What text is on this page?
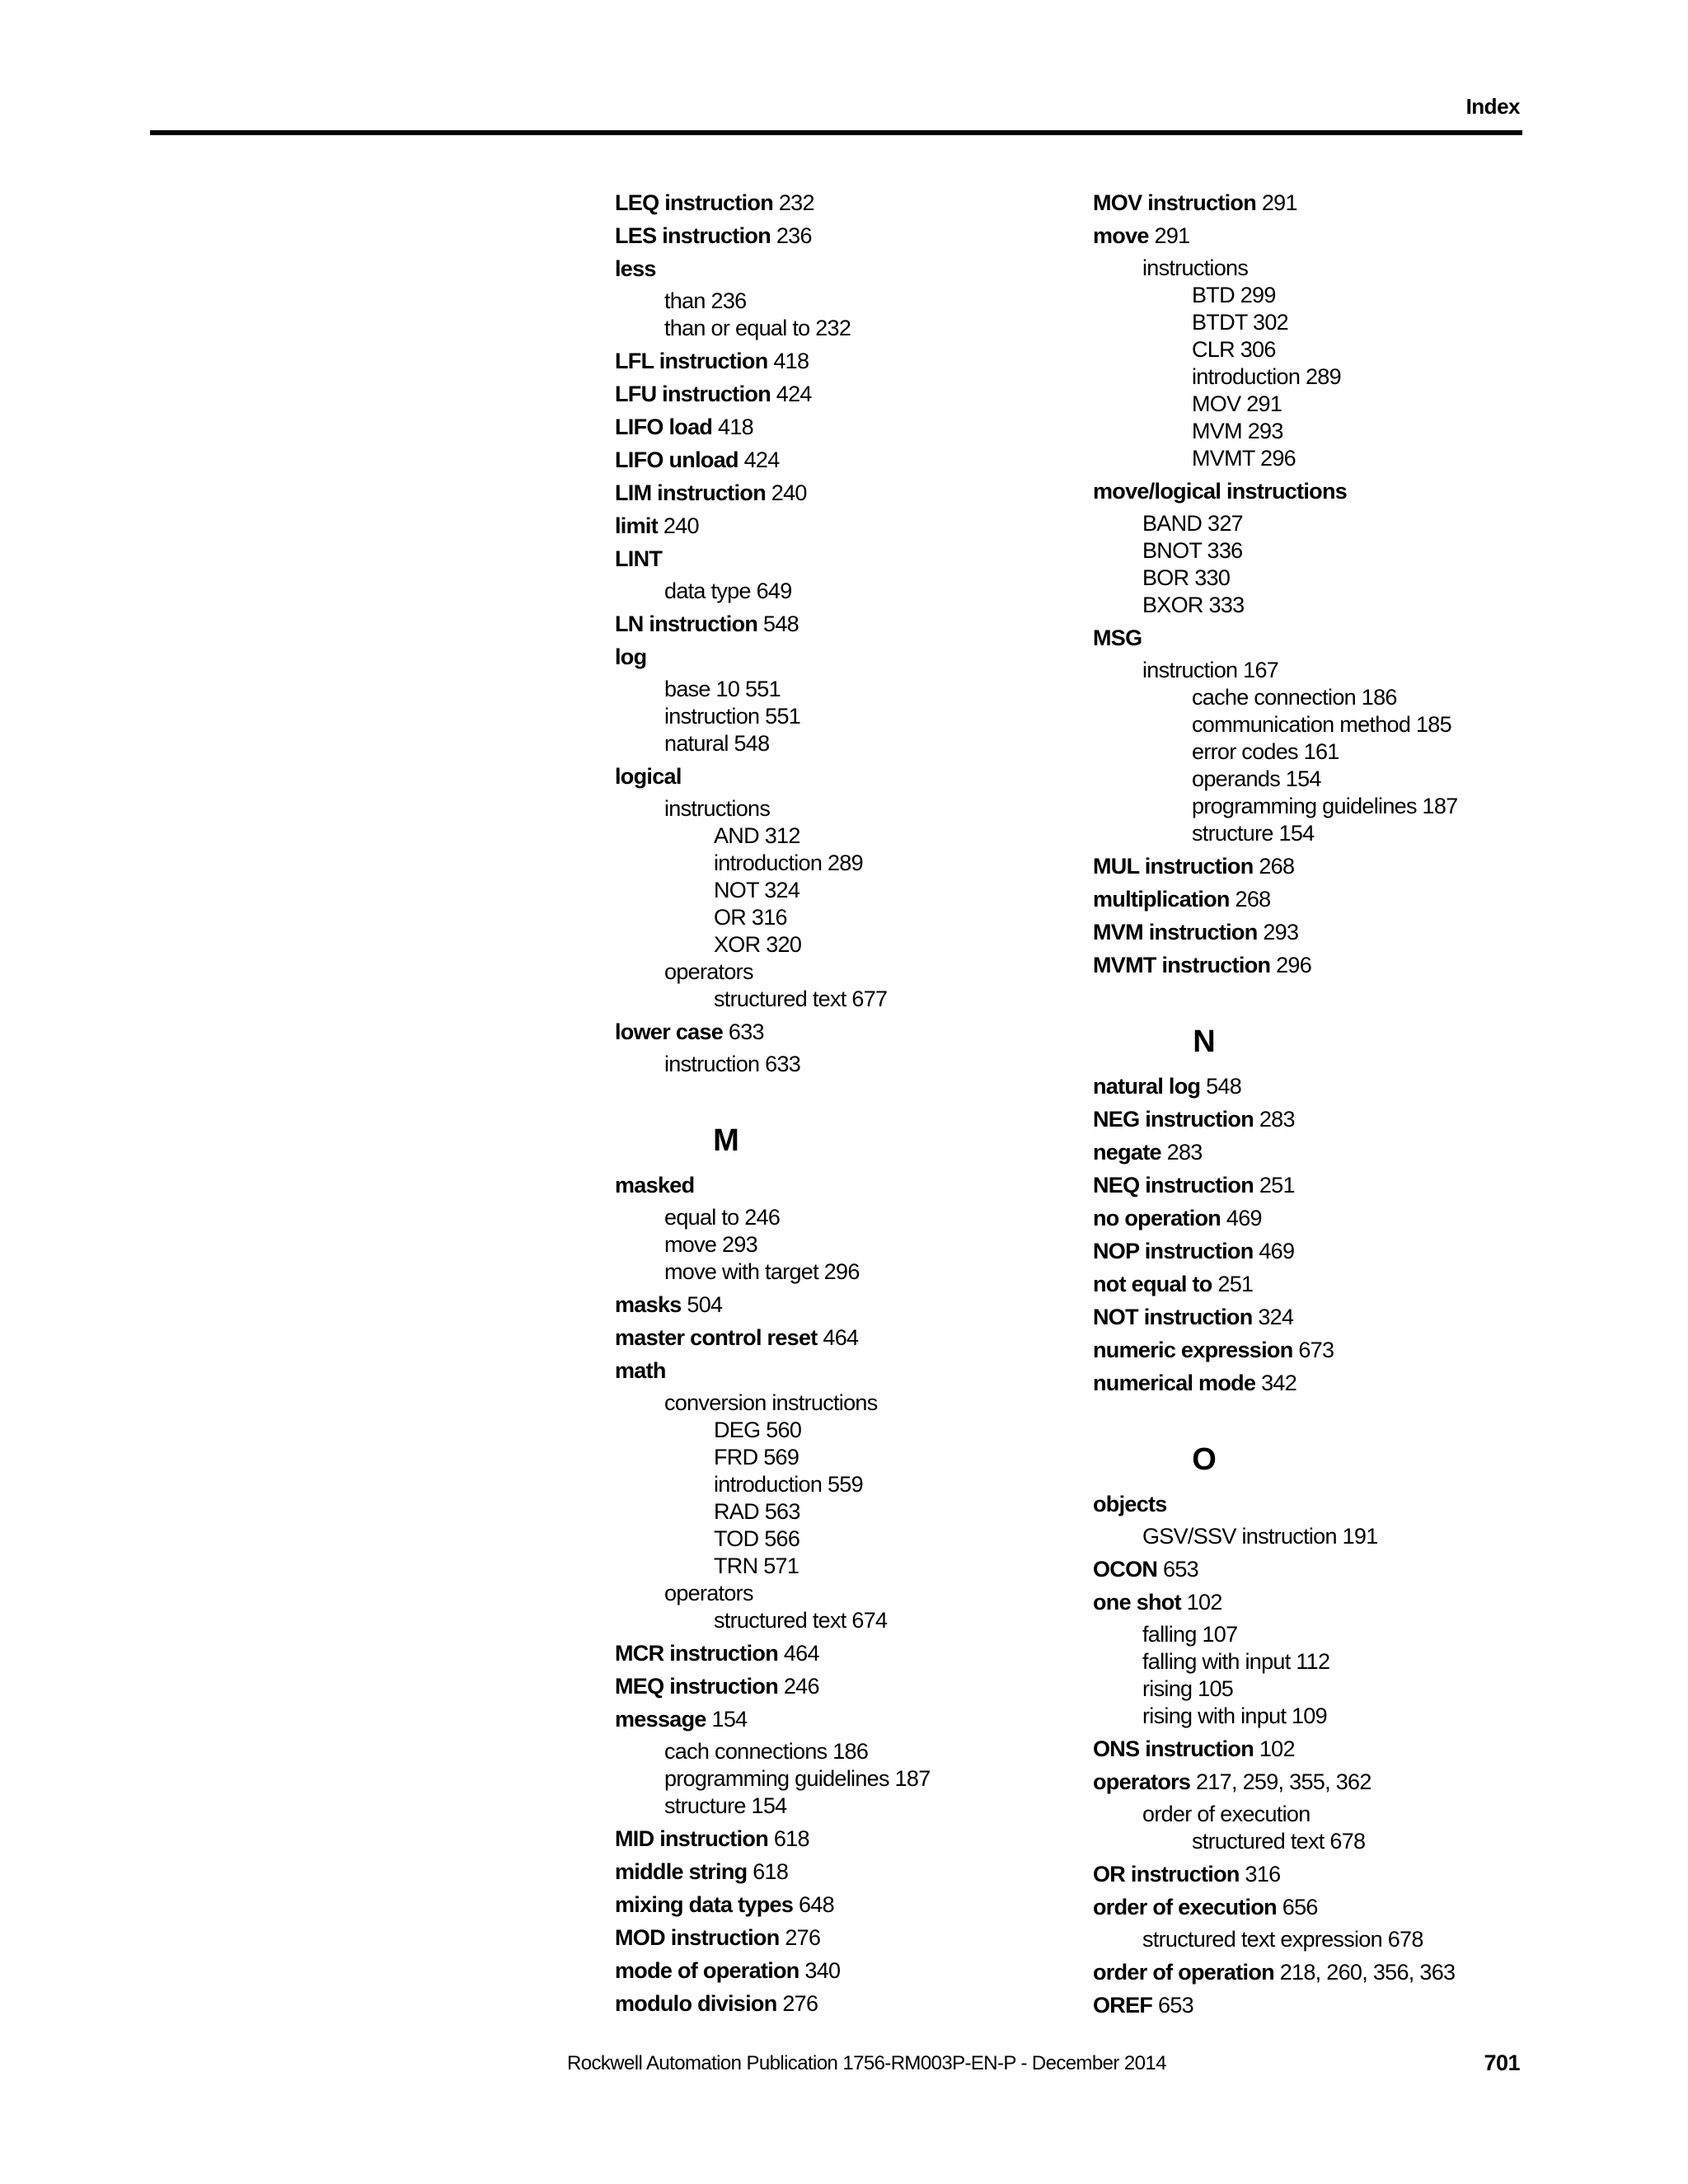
Index
LEQ instruction 232
LES instruction 236
less
than 236
than or equal to 232
LFL instruction 418
LFU instruction 424
LIFO load 418
LIFO unload 424
LIM instruction 240
limit 240
LINT
data type 649
LN instruction 548
log
base 10 551
instruction 551
natural 548
logical
instructions
AND 312
introduction 289
NOT 324
OR 316
XOR 320
operators
structured text 677
lower case 633
instruction 633
M
masked
equal to 246
move 293
move with target 296
masks 504
master control reset 464
math
conversion instructions
DEG 560
FRD 569
introduction 559
RAD 563
TOD 566
TRN 571
operators
structured text 674
MCR instruction 464
MEQ instruction 246
message 154
cach connections 186
programming guidelines 187
structure 154
MID instruction 618
middle string 618
mixing data types 648
MOD instruction 276
mode of operation 340
modulo division 276
MOV instruction 291
move 291
instructions
BTD 299
BTDT 302
CLR 306
introduction 289
MOV 291
MVM 293
MVMT 296
move/logical instructions
BAND 327
BNOT 336
BOR 330
BXOR 333
MSG
instruction 167
cache connection 186
communication method 185
error codes 161
operands 154
programming guidelines 187
structure 154
MUL instruction 268
multiplication 268
MVM instruction 293
MVMT instruction 296
N
natural log 548
NEG instruction 283
negate 283
NEQ instruction 251
no operation 469
NOP instruction 469
not equal to 251
NOT instruction 324
numeric expression 673
numerical mode 342
O
objects
GSV/SSV instruction 191
OCON 653
one shot 102
falling 107
falling with input 112
rising 105
rising with input 109
ONS instruction 102
operators 217, 259, 355, 362
order of execution
structured text 678
OR instruction 316
order of execution 656
structured text expression 678
order of operation 218, 260, 356, 363
OREF 653
Rockwell Automation Publication 1756-RM003P-EN-P - December 2014	701
